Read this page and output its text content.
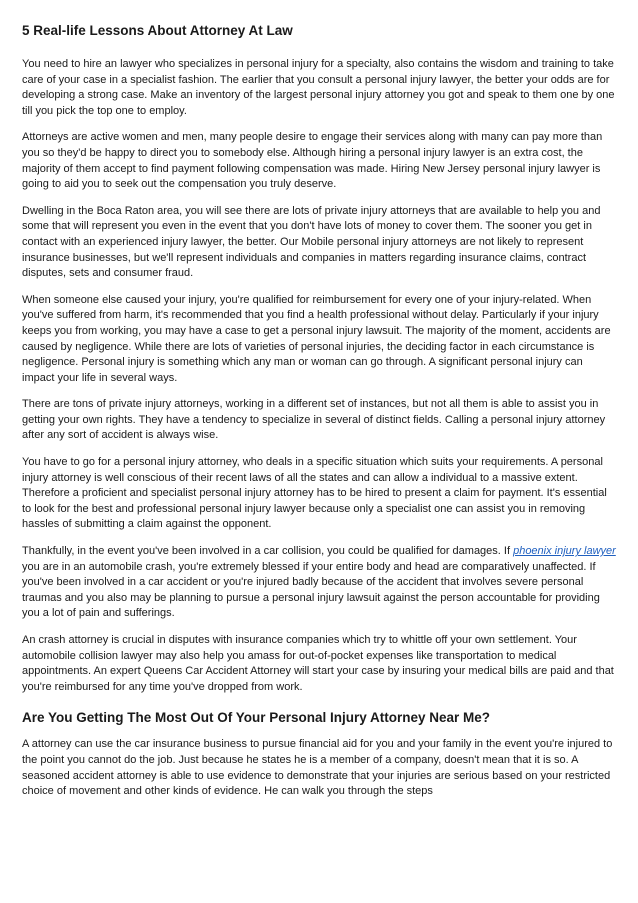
5 Real-life Lessons About Attorney At Law

You need to hire an lawyer who specializes in personal injury for a specialty, also contains the wisdom and training to take care of your case in a specialist fashion. The earlier that you consult a personal injury lawyer, the better your odds are for developing a strong case. Make an inventory of the largest personal injury attorney you got and speak to them one by one till you pick the top one to employ.

Attorneys are active women and men, many people desire to engage their services along with many can pay more than you so they'd be happy to direct you to somebody else. Although hiring a personal injury lawyer is an extra cost, the majority of them accept to find payment following compensation was made. Hiring New Jersey personal injury lawyer is going to aid you to seek out the compensation you truly deserve.

Dwelling in the Boca Raton area, you will see there are lots of private injury attorneys that are available to help you and some that will represent you even in the event that you don't have lots of money to cover them. The sooner you get in contact with an experienced injury lawyer, the better. Our Mobile personal injury attorneys are not likely to represent insurance businesses, but we'll represent individuals and companies in matters regarding insurance claims, contract disputes, sets and consumer fraud.

When someone else caused your injury, you're qualified for reimbursement for every one of your injury-related. When you've suffered from harm, it's recommended that you find a health professional without delay. Particularly if your injury keeps you from working, you may have a case to get a personal injury lawsuit. The majority of the moment, accidents are caused by negligence. While there are lots of varieties of personal injuries, the deciding factor in each circumstance is negligence. Personal injury is something which any man or woman can go through. A significant personal injury can impact your life in several ways.

There are tons of private injury attorneys, working in a different set of instances, but not all them is able to assist you in getting your own rights. They have a tendency to specialize in several of distinct fields. Calling a personal injury attorney after any sort of accident is always wise.

You have to go for a personal injury attorney, who deals in a specific situation which suits your requirements. A personal injury attorney is well conscious of their recent laws of all the states and can allow a individual to a massive extent. Therefore a proficient and specialist personal injury attorney has to be hired to present a claim for payment. It's essential to look for the best and professional personal injury lawyer because only a specialist one can assist you in removing hassles of submitting a claim against the opponent.

Thankfully, in the event you've been involved in a car collision, you could be qualified for damages. If phoenix injury lawyer you are in an automobile crash, you're extremely blessed if your entire body and head are comparatively unaffected. If you've been involved in a car accident or you're injured badly because of the accident that involves severe personal traumas and you also may be planning to pursue a personal injury lawsuit against the person accountable for providing you a lot of pain and sufferings.

An crash attorney is crucial in disputes with insurance companies which try to whittle off your own settlement. Your automobile collision lawyer may also help you amass for out-of-pocket expenses like transportation to medical appointments. An expert Queens Car Accident Attorney will start your case by insuring your medical bills are paid and that you're reimbursed for any time you've dropped from work.

Are You Getting The Most Out Of Your Personal Injury Attorney Near Me?

A attorney can use the car insurance business to pursue financial aid for you and your family in the event you're injured to the point you cannot do the job. Just because he states he is a member of a company, doesn't mean that it is so. A seasoned accident attorney is able to use evidence to demonstrate that your injuries are serious based on your restricted choice of movement and other kinds of evidence. He can walk you through the steps
